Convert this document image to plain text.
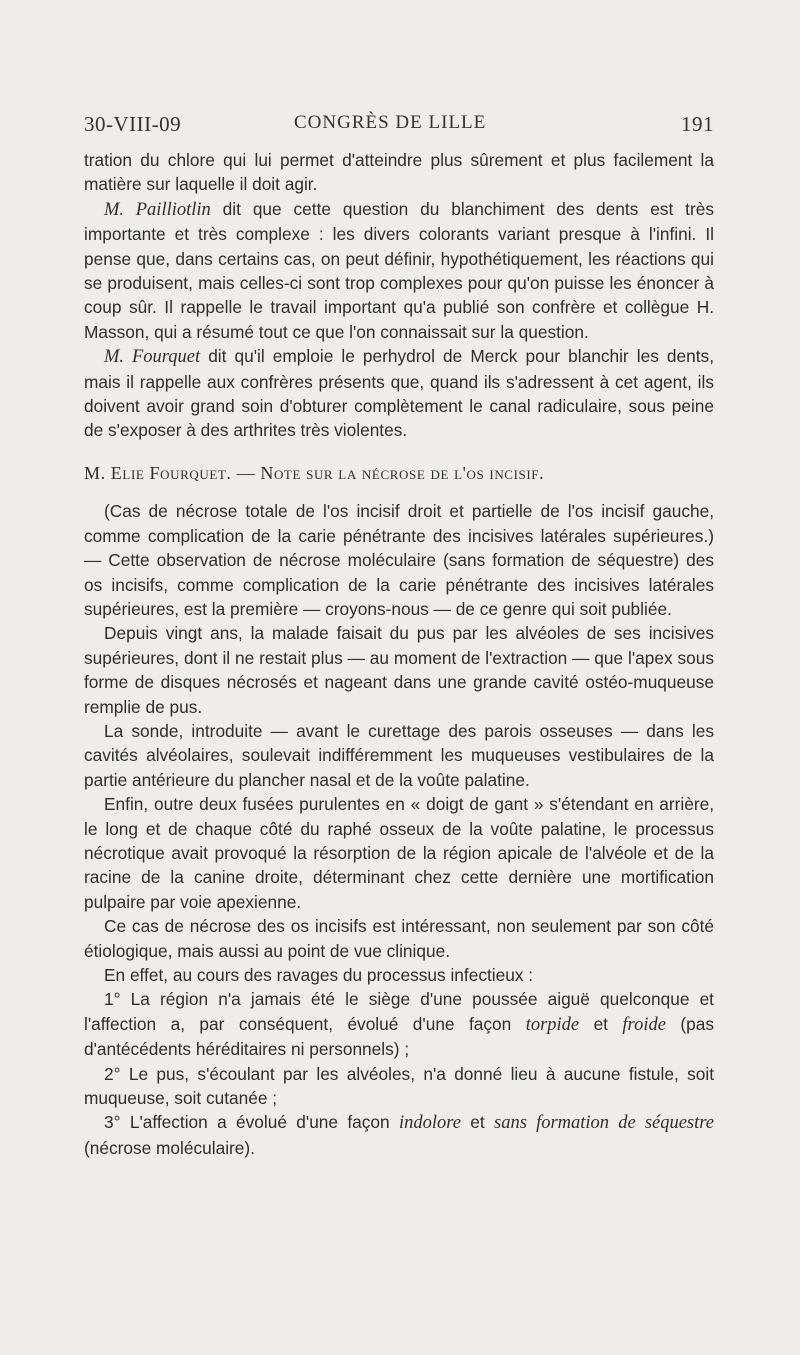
30-VIII-09	CONGRÈS DE LILLE	191

tration du chlore qui lui permet d'atteindre plus sûrement et plus facilement la matière sur laquelle il doit agir.

M. Pailliotlin dit que cette question du blanchiment des dents est très importante et très complexe : les divers colorants variant presque à l'infini. Il pense que, dans certains cas, on peut définir, hypothétiquement, les réactions qui se produisent, mais celles-ci sont trop complexes pour qu'on puisse les énoncer à coup sûr. Il rappelle le travail important qu'a publié son confrère et collègue H. Masson, qui a résumé tout ce que l'on connaissait sur la question.

M. Fourquet dit qu'il emploie le perhydrol de Merck pour blanchir les dents, mais il rappelle aux confrères présents que, quand ils s'adressent à cet agent, ils doivent avoir grand soin d'obturer complètement le canal radiculaire, sous peine de s'exposer à des arthrites très violentes.

M. Elie Fourquet. — Note sur la nécrose de l'os incisif.

(Cas de nécrose totale de l'os incisif droit et partielle de l'os incisif gauche, comme complication de la carie pénétrante des incisives latérales supérieures.) — Cette observation de nécrose moléculaire (sans formation de séquestre) des os incisifs, comme complication de la carie pénétrante des incisives latérales supérieures, est la première — croyons-nous — de ce genre qui soit publiée.

Depuis vingt ans, la malade faisait du pus par les alvéoles de ses incisives supérieures, dont il ne restait plus — au moment de l'extraction — que l'apex sous forme de disques nécrosés et nageant dans une grande cavité ostéo-muqueuse remplie de pus.

La sonde, introduite — avant le curettage des parois osseuses — dans les cavités alvéolaires, soulevait indifféremment les muqueuses vestibulaires de la partie antérieure du plancher nasal et de la voûte palatine.

Enfin, outre deux fusées purulentes en « doigt de gant » s'étendant en arrière, le long et de chaque côté du raphé osseux de la voûte palatine, le processus nécrotique avait provoqué la résorption de la région apicale de l'alvéole et de la racine de la canine droite, déterminant chez cette dernière une mortification pulpaire par voie apexienne.

Ce cas de nécrose des os incisifs est intéressant, non seulement par son côté étiologique, mais aussi au point de vue clinique.

En effet, au cours des ravages du processus infectieux :

1° La région n'a jamais été le siège d'une poussée aiguë quelconque et l'affection a, par conséquent, évolué d'une façon torpide et froide (pas d'antécédents héréditaires ni personnels) ;

2° Le pus, s'écoulant par les alvéoles, n'a donné lieu à aucune fistule, soit muqueuse, soit cutanée ;

3° L'affection a évolué d'une façon indolore et sans formation de séquestre (nécrose moléculaire).
